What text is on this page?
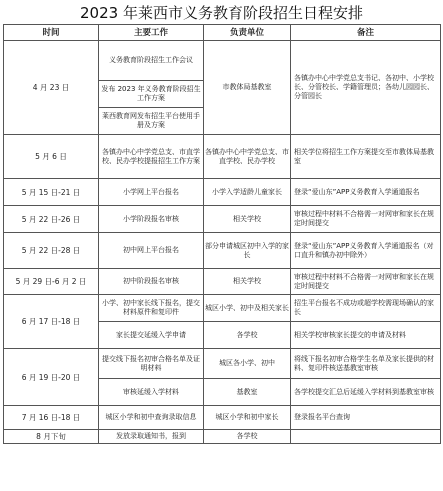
2023 年莱西市义务教育阶段招生日程安排
时间	主要工作	负责单位	备注
4 月 23 日	义务教育阶段招生工作会议	市教体局基教室	各镇办中心中学党总支书记、各初中、小学校长、分管校长、学籍管理员；各幼儿园园长、分管园长
	发布 2023 年义务教育阶段招生工作方案		
	莱西教育网发布招生平台使用手册及方案		
5 月 6 日	各镇办中心中学党总支、市直学校、民办学校提报招生工作方案	各镇办中心中学党总支、市直学校、民办学校	相关学位将招生工作方案提交至市教体局基教室
5 月 15 日-21 日	小学网上平台报名	小学入学适龄儿童家长	登录“爱山东”APP义务教育入学通道报名
5 月 22 日-26 日	小学阶段报名审核	相关学校	审核过程中材料不合格需一对网审和家长在规定时间提交
5 月 22 日-28 日	初中网上平台报名	部分申请城区初中入学的家长	登录“爱山东”APP义务教育入学通道报名（对口直升和镇办初中除外）
5 月 29 日-6 月 2 日	初中阶段报名审核	相关学校	审核过程中材料不合格需一对网审和家长在规定时间提交
6 月 17 日-18 日	小学、初中家长线下报名，提交材料原件和复印件	城区小学、初中及相关家长	招生平台报名不成功或超学校需现场确认的家长
	家长提交延缓入学申请	各学校	相关学校审核家长提交的申请及材料
6 月 19 日-20 日	提交线下报名初审合格名单及证明材料	城区各小学、初中	将线下报名初审合格学生名单及家长提供的材料、复印件核送基教室审核
	审核延缓入学材料	基教室	各学校提交汇总后延缓入学材料到基教室审核
7 月 16 日-18 日	城区小学和初中查询录取信息	城区小学和初中家长	登录报名平台查询
8 月下旬	发放录取通知书，报到	各学校	
